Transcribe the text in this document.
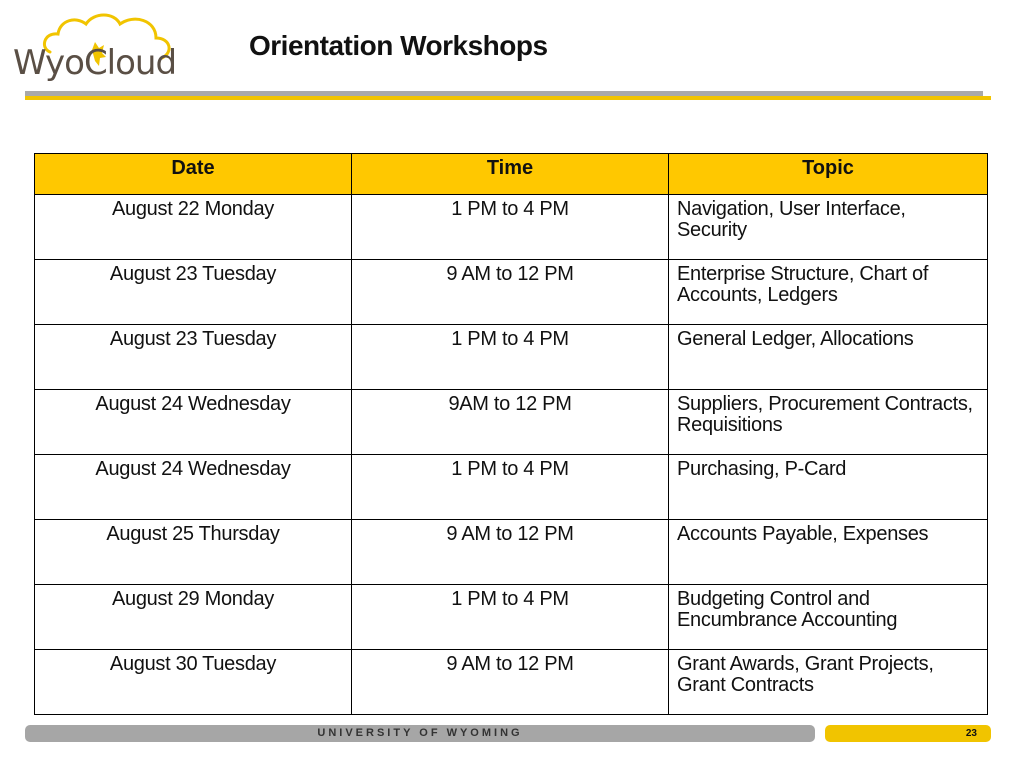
WyoCloud	Orientation Workshops
Date	Time	Topic

August 22 Monday	1 PM to 4 PM	Navigation, User Interface, Security
August 23 Tuesday	9 AM to 12 PM	Enterprise Structure, Chart of Accounts, Ledgers
August 23 Tuesday	1 PM to 4 PM	General Ledger, Allocations
August 24 Wednesday	9AM to 12 PM	Suppliers, Procurement Contracts, Requisitions
August 24 Wednesday	1 PM to 4 PM	Purchasing, P-Card
August 25 Thursday	9 AM to 12 PM	Accounts Payable, Expenses
August 29 Monday	1 PM to 4 PM	Budgeting Control and Encumbrance Accounting
August 30 Tuesday	9 AM to 12 PM	Grant Awards, Grant Projects, Grant Contracts
UNIVERSITY OF WYOMING	23
